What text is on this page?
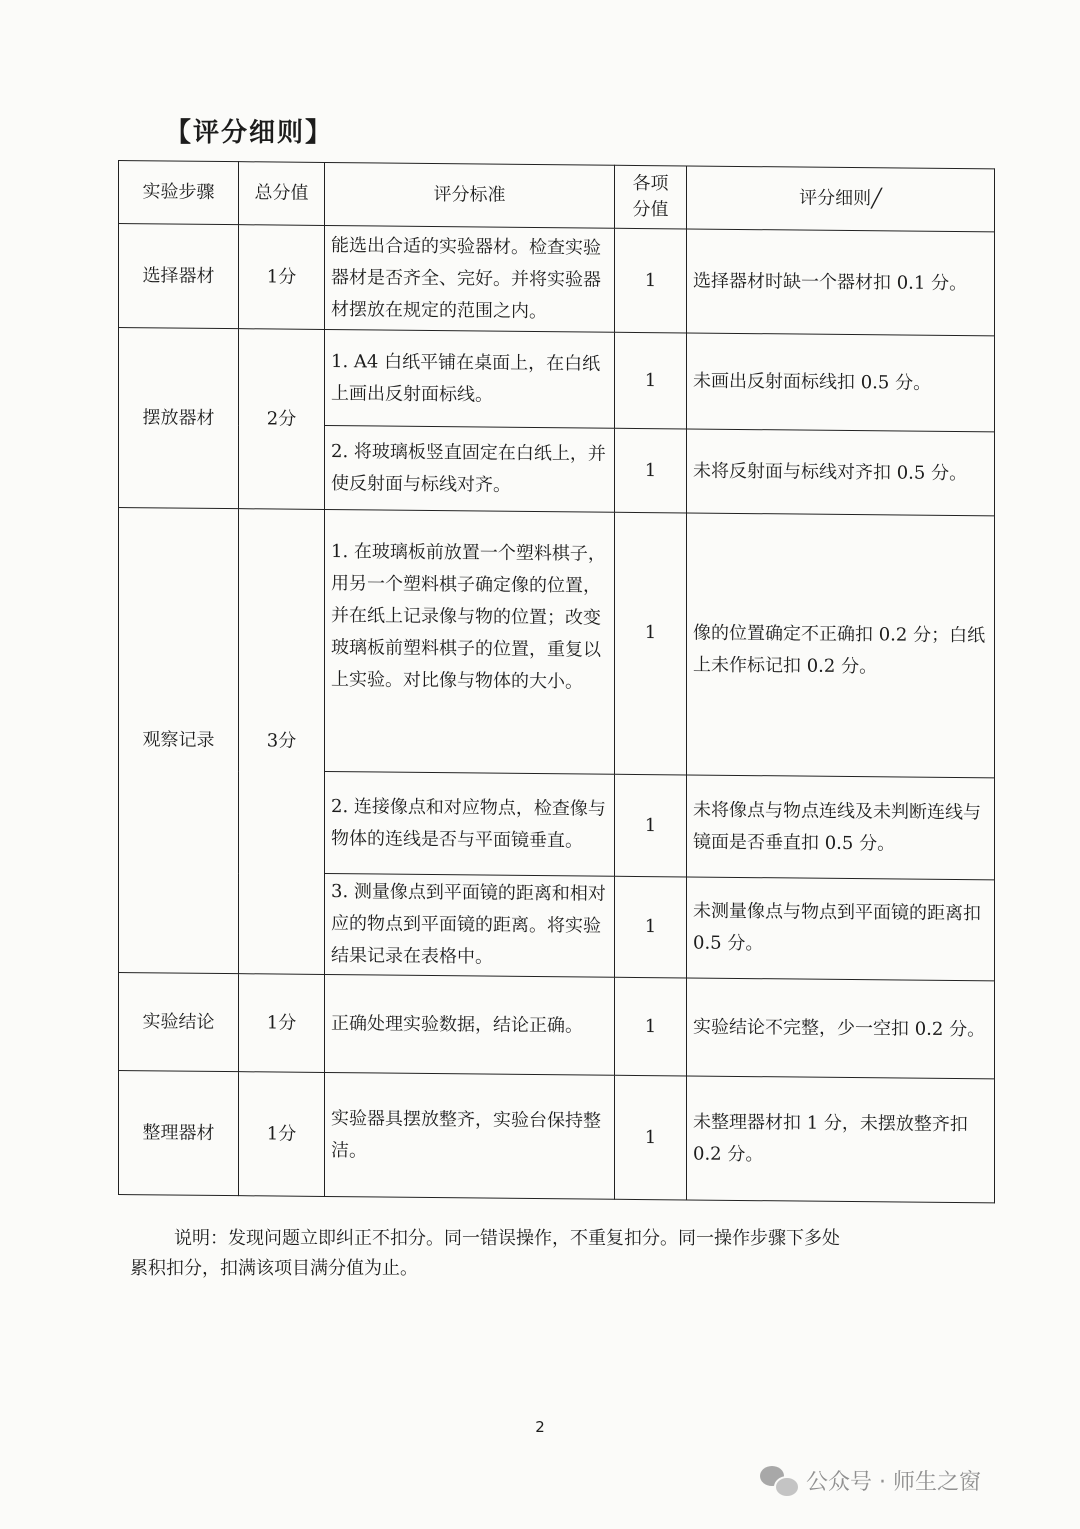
【评分细则】
实验步骤	总分值	评分标准	各项分值	评分细则╱
选择器材	1分	能选出合适的实验器材。检查实验器材是否齐全、完好。并将实验器材摆放在规定的范围之内。	1	选择器材时缺一个器材扣 0.1 分。
摆放器材	2分	1. A4 白纸平铺在桌面上，在白纸上画出反射面标线。	1	未画出反射面标线扣 0.5 分。
		2. 将玻璃板竖直固定在白纸上，并使反射面与标线对齐。	1	未将反射面与标线对齐扣 0.5 分。
观察记录	3分	1. 在玻璃板前放置一个塑料棋子，用另一个塑料棋子确定像的位置，并在纸上记录像与物的位置；改变玻璃板前塑料棋子的位置，重复以上实验。对比像与物体的大小。	1	像的位置确定不正确扣 0.2 分；白纸上未作标记扣 0.2 分。
		2. 连接像点和对应物点，检查像与物体的连线是否与平面镜垂直。	1	未将像点与物点连线及未判断连线与镜面是否垂直扣 0.5 分。
		3. 测量像点到平面镜的距离和相对应的物点到平面镜的距离。将实验结果记录在表格中。	1	未测量像点与物点到平面镜的距离扣 0.5 分。
实验结论	1分	正确处理实验数据，结论正确。	1	实验结论不完整，少一空扣 0.2 分。
整理器材	1分	实验器具摆放整齐，实验台保持整洁。	1	未整理器材扣 1 分，未摆放整齐扣 0.2 分。
说明：发现问题立即纠正不扣分。同一错误操作，不重复扣分。同一操作步骤下多处
累积扣分，扣满该项目满分值为止。
2
公众号 · 师生之窗
